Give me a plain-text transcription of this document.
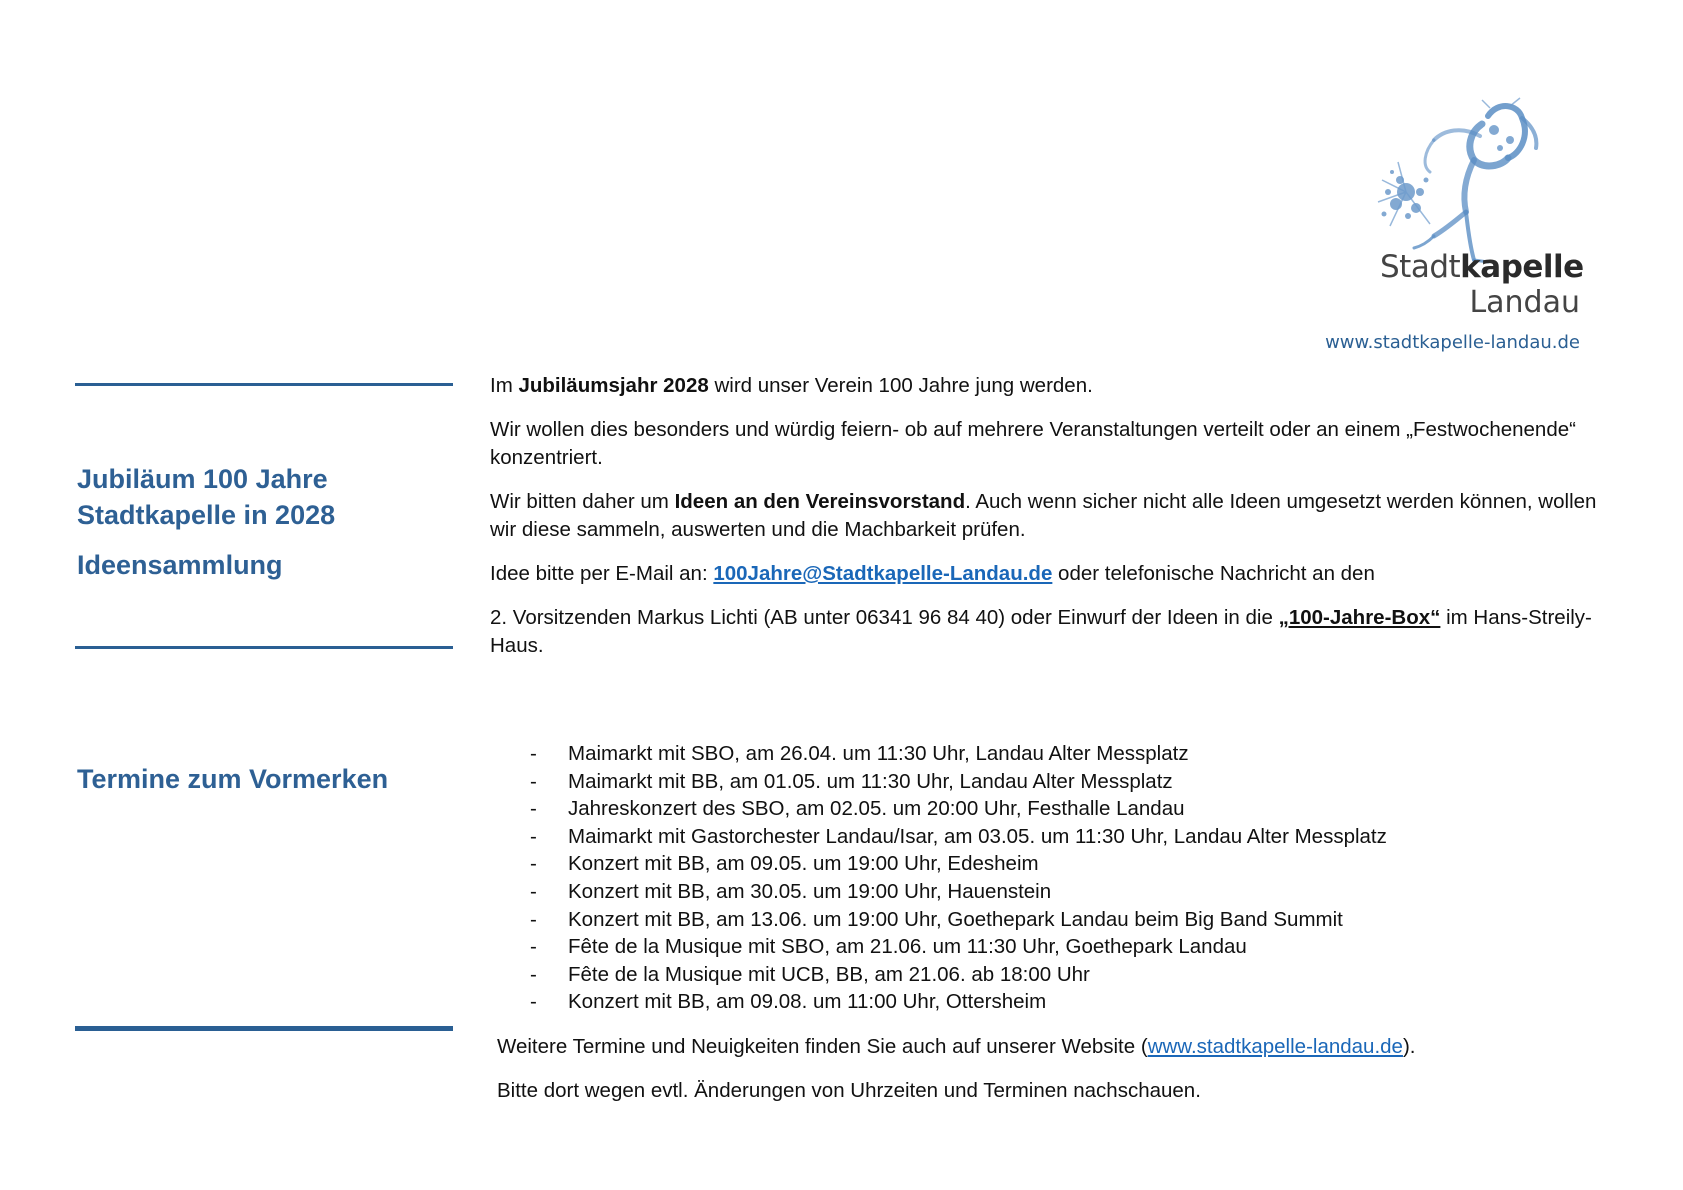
Stadtkapelle
Landau
www.stadtkapelle-landau.de
Jubiläum 100 Jahre
Stadtkapelle in 2028
Ideensammlung
Termine zum Vormerken

Im Jubiläumsjahr 2028 wird unser Verein 100 Jahre jung werden.

Wir wollen dies besonders und würdig feiern- ob auf mehrere Veranstaltungen verteilt oder an einem „Festwochenende“ konzentriert.

Wir bitten daher um Ideen an den Vereinsvorstand. Auch wenn sicher nicht alle Ideen umgesetzt werden können, wollen wir diese sammeln, auswerten und die Machbarkeit prüfen.

Idee bitte per E-Mail an: 100Jahre@Stadtkapelle-Landau.de oder telefonische Nachricht an den

2. Vorsitzenden Markus Lichti (AB unter 06341 96 84 40) oder Einwurf der Ideen in die „100-Jahre-Box“ im Hans-Streily-Haus.

- Maimarkt mit SBO, am 26.04. um 11:30 Uhr, Landau Alter Messplatz
- Maimarkt mit BB, am 01.05. um 11:30 Uhr, Landau Alter Messplatz
- Jahreskonzert des SBO, am 02.05. um 20:00 Uhr, Festhalle Landau
- Maimarkt mit Gastorchester Landau/Isar, am 03.05. um 11:30 Uhr, Landau Alter Messplatz
- Konzert mit BB, am 09.05. um 19:00 Uhr, Edesheim
- Konzert mit BB, am 30.05. um 19:00 Uhr, Hauenstein
- Konzert mit BB, am 13.06. um 19:00 Uhr, Goethepark Landau beim Big Band Summit
- Fête de la Musique mit SBO, am 21.06. um 11:30 Uhr, Goethepark Landau
- Fête de la Musique mit UCB, BB, am 21.06. ab 18:00 Uhr
- Konzert mit BB, am 09.08. um 11:00 Uhr, Ottersheim

Weitere Termine und Neuigkeiten finden Sie auch auf unserer Website (www.stadtkapelle-landau.de).

Bitte dort wegen evtl. Änderungen von Uhrzeiten und Terminen nachschauen.
